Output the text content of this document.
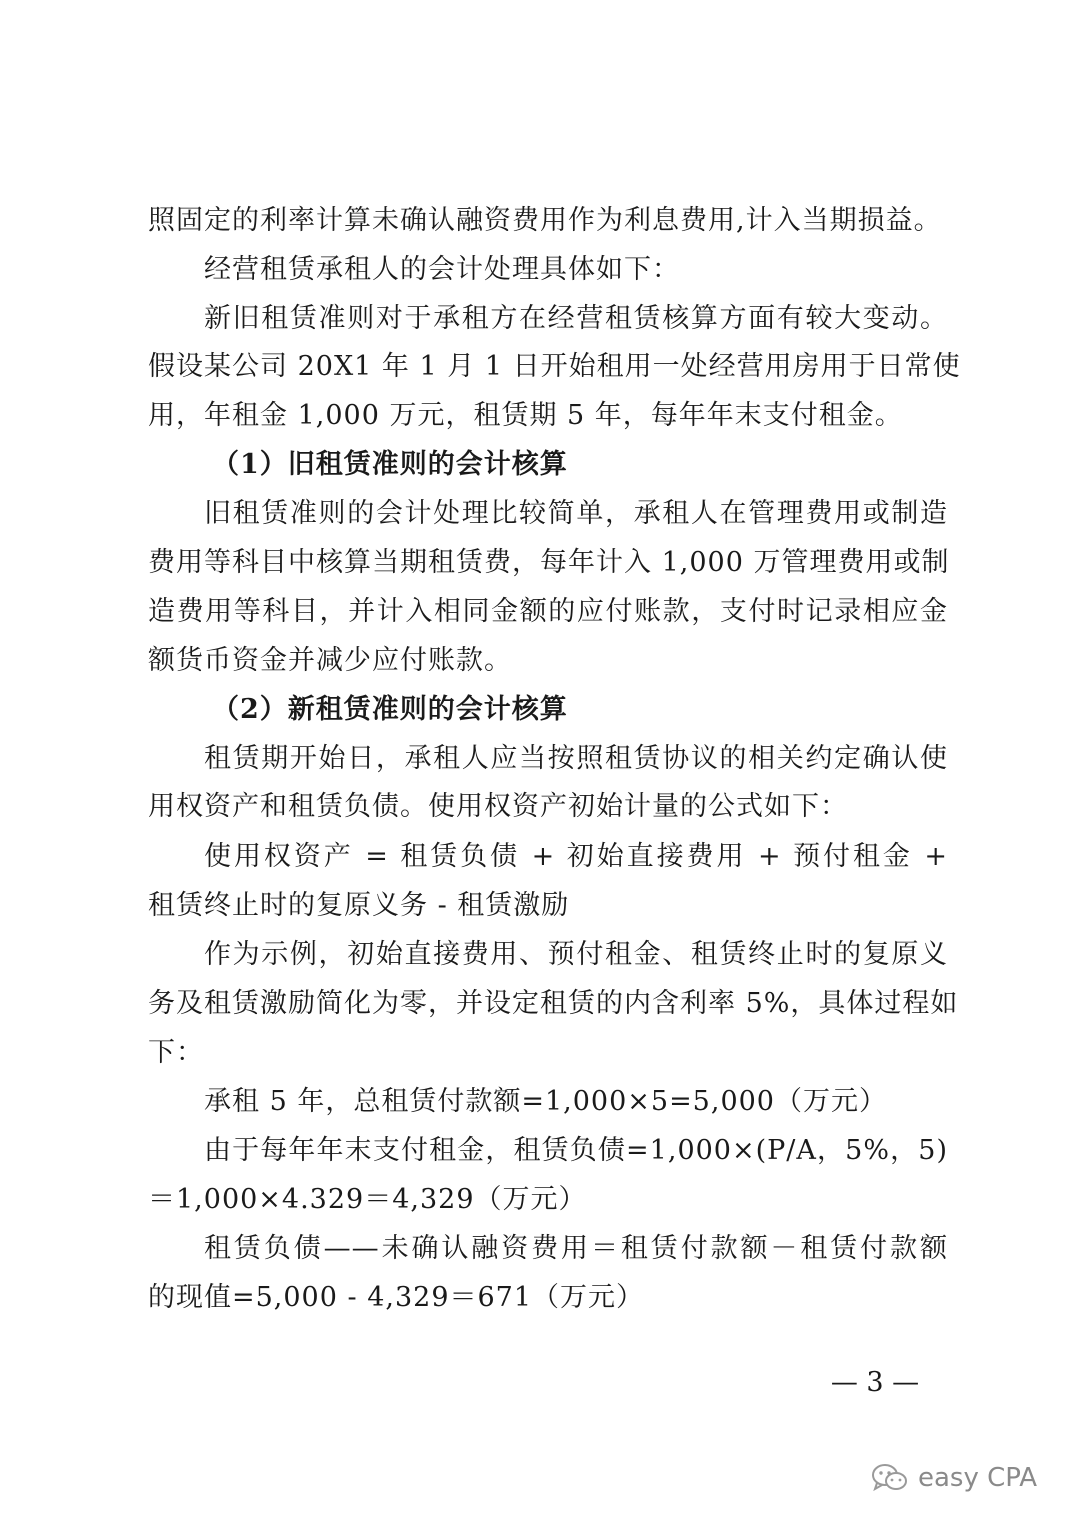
照固定的利率计算未确认融资费用作为利息费用,计入当期损益。
经营租赁承租人的会计处理具体如下：
新旧租赁准则对于承租方在经营租赁核算方面有较大变动。
假设某公司 20X1 年 1 月 1 日开始租用一处经营用房用于日常使
用，年租金 1,000 万元，租赁期 5 年，每年年末支付租金。
（1）旧租赁准则的会计核算
旧租赁准则的会计处理比较简单，承租人在管理费用或制造
费用等科目中核算当期租赁费，每年计入 1,000 万管理费用或制
造费用等科目，并计入相同金额的应付账款，支付时记录相应金
额货币资金并减少应付账款。
（2）新租赁准则的会计核算
租赁期开始日，承租人应当按照租赁协议的相关约定确认使
用权资产和租赁负债。使用权资产初始计量的公式如下：
使用权资产 = 租赁负债 + 初始直接费用 + 预付租金 +
租赁终止时的复原义务 - 租赁激励
作为示例，初始直接费用、预付租金、租赁终止时的复原义
务及租赁激励简化为零，并设定租赁的内含利率 5%，具体过程如
下：
承租 5 年，总租赁付款额=1,000×5=5,000（万元）
由于每年年末支付租金，租赁负债=1,000×(P/A，5%，5)
＝1,000×4.329＝4,329（万元）
租赁负债——未确认融资费用＝租赁付款额－租赁付款额
的现值=5,000 - 4,329＝671（万元）
— 3 —
easy CPA
